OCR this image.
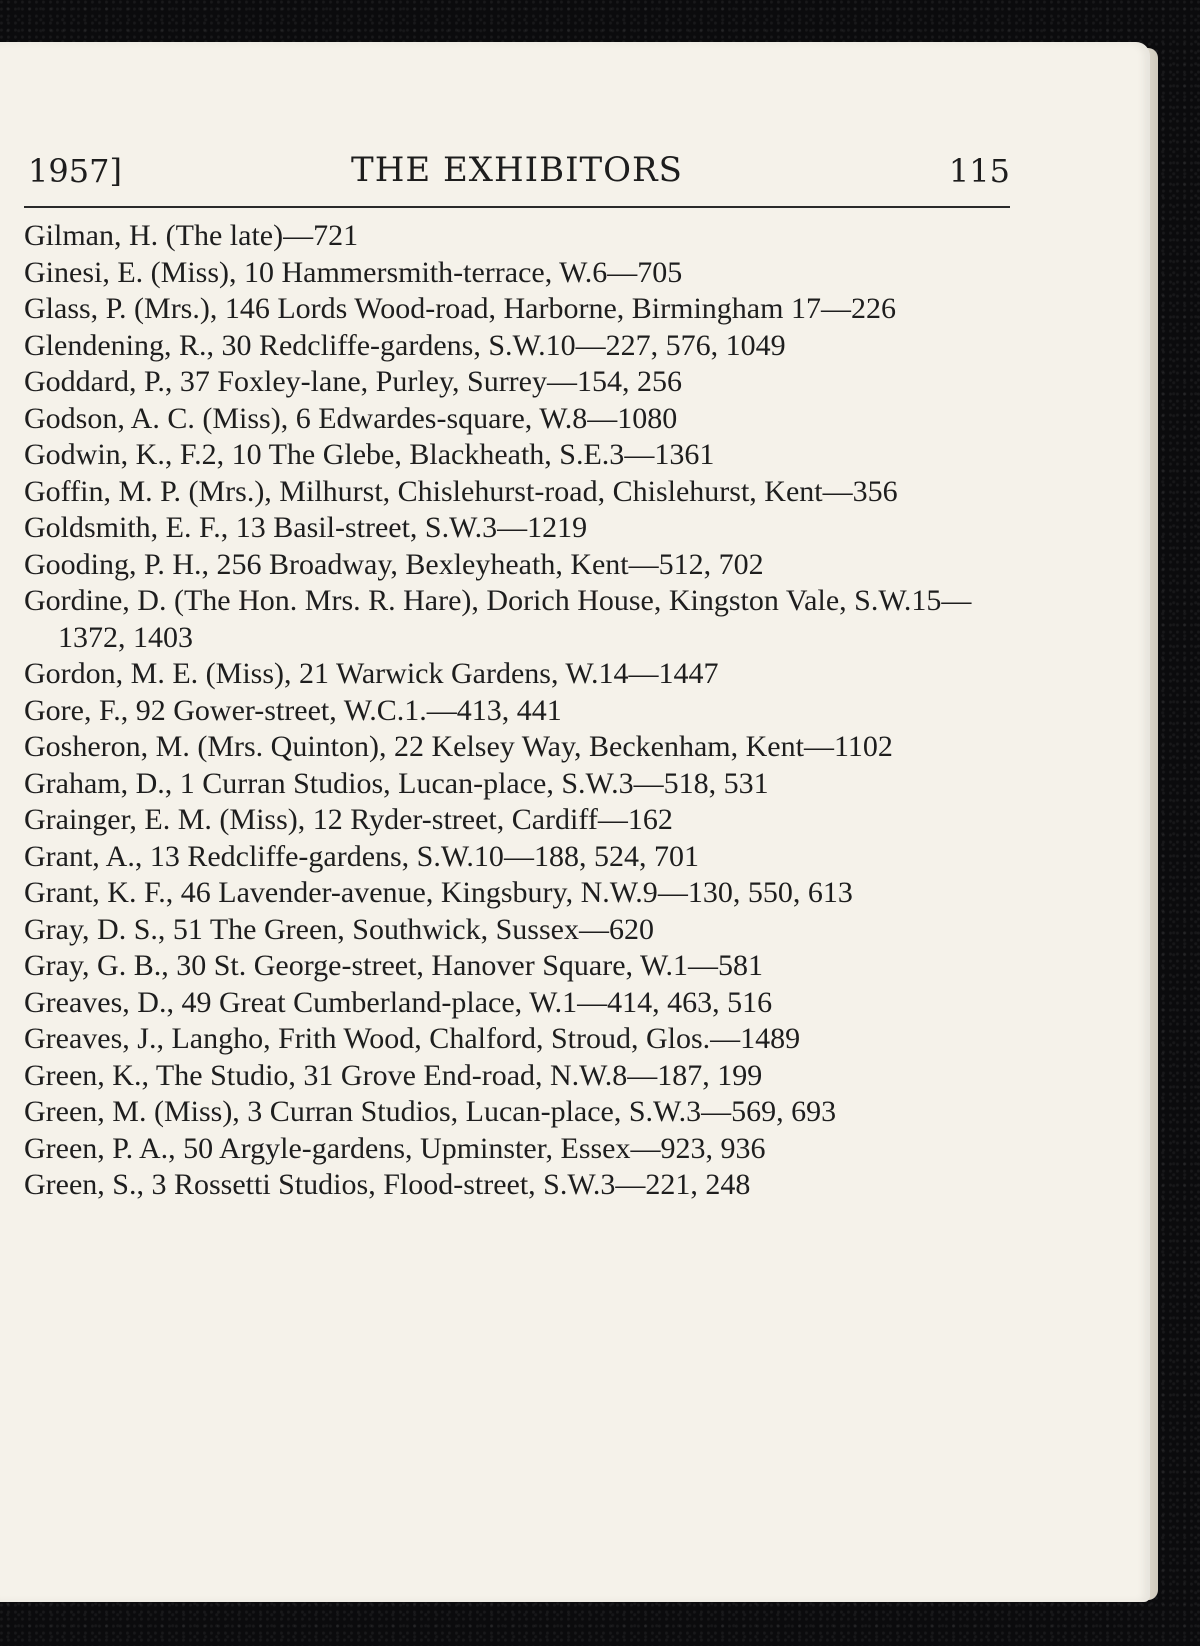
1957]	THE EXHIBITORS	115

Gilman, H. (The late)—721

Ginesi, E. (Miss), 10 Hammersmith-terrace, W.6—705

Glass, P. (Mrs.), 146 Lords Wood-road, Harborne, Birmingham 17—226

Glendening, R., 30 Redcliffe-gardens, S.W.10—227, 576, 1049

Goddard, P., 37 Foxley-lane, Purley, Surrey—154, 256

Godson, A. C. (Miss), 6 Edwardes-square, W.8—1080

Godwin, K., F.2, 10 The Glebe, Blackheath, S.E.3—1361

Goffin, M. P. (Mrs.), Milhurst, Chislehurst-road, Chislehurst, Kent—356

Goldsmith, E. F., 13 Basil-street, S.W.3—1219

Gooding, P. H., 256 Broadway, Bexleyheath, Kent—512, 702

Gordine, D. (The Hon. Mrs. R. Hare), Dorich House, Kingston Vale, S.W.15—1372, 1403

Gordon, M. E. (Miss), 21 Warwick Gardens, W.14—1447

Gore, F., 92 Gower-street, W.C.1.—413, 441

Gosheron, M. (Mrs. Quinton), 22 Kelsey Way, Beckenham, Kent—1102

Graham, D., 1 Curran Studios, Lucan-place, S.W.3—518, 531

Grainger, E. M. (Miss), 12 Ryder-street, Cardiff—162

Grant, A., 13 Redcliffe-gardens, S.W.10—188, 524, 701

Grant, K. F., 46 Lavender-avenue, Kingsbury, N.W.9—130, 550, 613

Gray, D. S., 51 The Green, Southwick, Sussex—620

Gray, G. B., 30 St. George-street, Hanover Square, W.1—581

Greaves, D., 49 Great Cumberland-place, W.1—414, 463, 516

Greaves, J., Langho, Frith Wood, Chalford, Stroud, Glos.—1489

Green, K., The Studio, 31 Grove End-road, N.W.8—187, 199

Green, M. (Miss), 3 Curran Studios, Lucan-place, S.W.3—569, 693

Green, P. A., 50 Argyle-gardens, Upminster, Essex—923, 936

Green, S., 3 Rossetti Studios, Flood-street, S.W.3—221, 248
